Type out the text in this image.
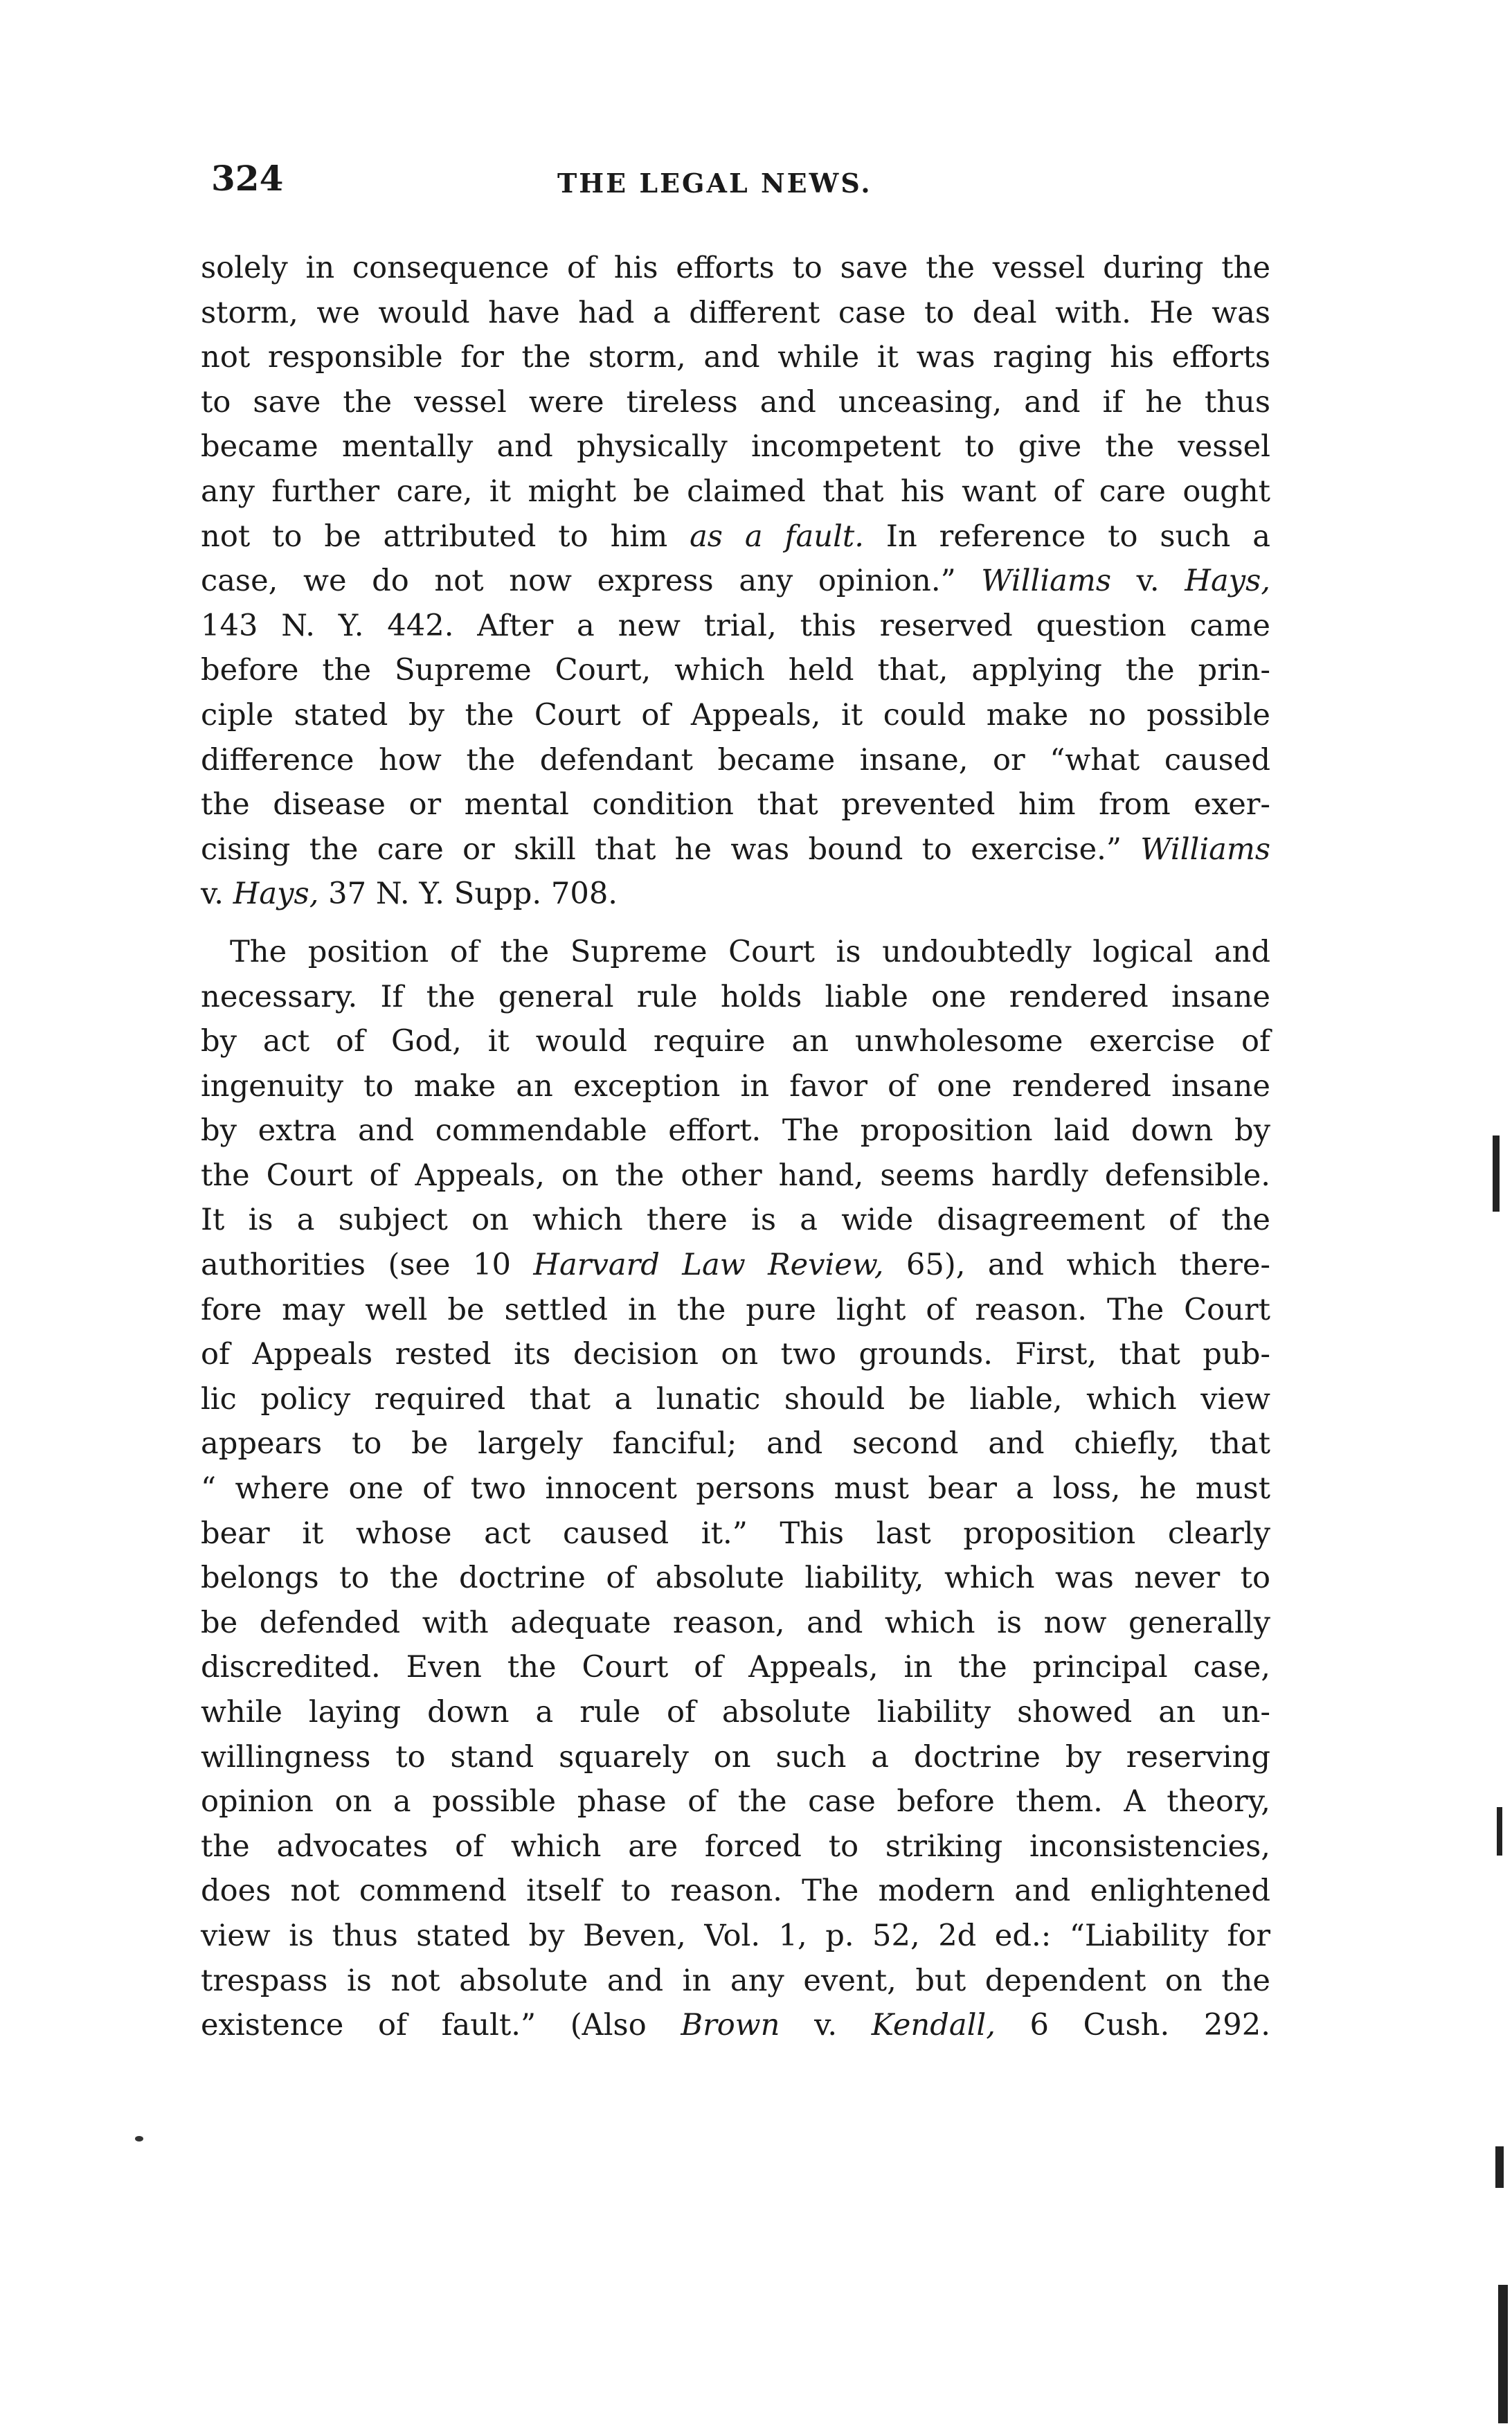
324	THE LEGAL NEWS.
solely in consequence of his efforts to save the vessel during the
storm, we would have had a different case to deal with. He was
not responsible for the storm, and while it was raging his efforts
to save the vessel were tireless and unceasing, and if he thus
became mentally and physically incompetent to give the vessel
any further care, it might be claimed that his want of care ought
not to be attributed to him as a fault. In reference to such a
case, we do not now express any opinion.” Williams v. Hays,
143 N. Y. 442. After a new trial, this reserved question came
before the Supreme Court, which held that, applying the prin-
ciple stated by the Court of Appeals, it could make no possible
difference how the defendant became insane, or “what caused
the disease or mental condition that prevented him from exer-
cising the care or skill that he was bound to exercise.” Williams
v. Hays, 37 N. Y. Supp. 708.
The position of the Supreme Court is undoubtedly logical and
necessary. If the general rule holds liable one rendered insane
by act of God, it would require an unwholesome exercise of
ingenuity to make an exception in favor of one rendered insane
by extra and commendable effort. The proposition laid down by
the Court of Appeals, on the other hand, seems hardly defensible.
It is a subject on which there is a wide disagreement of the
authorities (see 10 Harvard Law Review, 65), and which there-
fore may well be settled in the pure light of reason. The Court
of Appeals rested its decision on two grounds. First, that pub-
lic policy required that a lunatic should be liable, which view
appears to be largely fanciful; and second and chiefly, that
“ where one of two innocent persons must bear a loss, he must
bear it whose act caused it.” This last proposition clearly
belongs to the doctrine of absolute liability, which was never to
be defended with adequate reason, and which is now generally
discredited. Even the Court of Appeals, in the principal case,
while laying down a rule of absolute liability showed an un-
willingness to stand squarely on such a doctrine by reserving
opinion on a possible phase of the case before them. A theory,
the advocates of which are forced to striking inconsistencies,
does not commend itself to reason. The modern and enlightened
view is thus stated by Beven, Vol. 1, p. 52, 2d ed.: “Liability for
trespass is not absolute and in any event, but dependent on the
existence of fault.” (Also Brown v. Kendall, 6 Cush. 292.
